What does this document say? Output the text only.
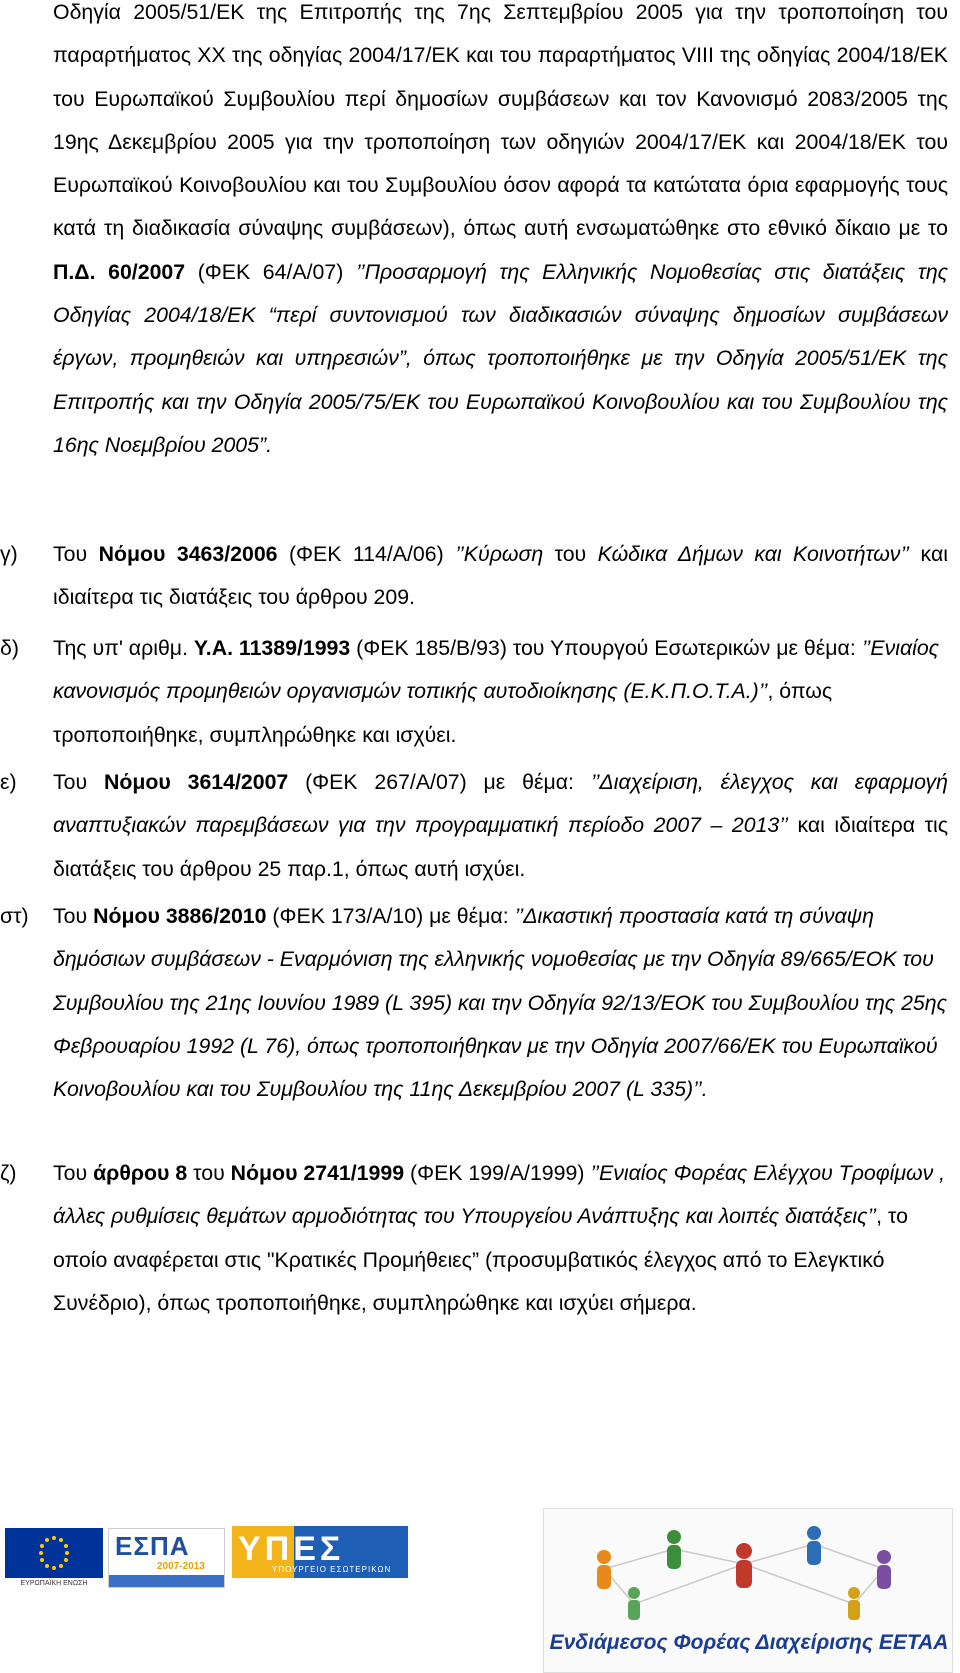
Οδηγία 2005/51/ΕΚ της Επιτροπής της 7ης Σεπτεμβρίου 2005 για την τροποποίηση του παραρτήματος ΧΧ της οδηγίας 2004/17/ΕΚ και του παραρτήματος VIII της οδηγίας 2004/18/ΕΚ του Ευρωπαϊκού Συμβουλίου περί δημοσίων συμβάσεων και τον Κανονισμό 2083/2005 της 19ης Δεκεμβρίου 2005 για την τροποποίηση των οδηγιών 2004/17/ΕΚ και 2004/18/ΕΚ του Ευρωπαϊκού Κοινοβουλίου και του Συμβουλίου όσον αφορά τα κατώτατα όρια εφαρμογής τους κατά τη διαδικασία σύναψης συμβάσεων), όπως αυτή ενσωματώθηκε στο εθνικό δίκαιο με το Π.Δ. 60/2007 (ΦΕΚ 64/Α/07) ’’Προσαρμογή της Ελληνικής Νομοθεσίας στις διατάξεις της Οδηγίας 2004/18/ΕΚ “περί συντονισμού των διαδικασιών σύναψης δημοσίων συμβάσεων έργων, προμηθειών και υπηρεσιών”, όπως τροποποιήθηκε με την Οδηγία 2005/51/ΕΚ της Επιτροπής και την Οδηγία 2005/75/ΕΚ του Ευρωπαϊκού Κοινοβουλίου και του Συμβουλίου της 16ης Νοεμβρίου 2005”.

γ)	Του Νόμου 3463/2006 (ΦΕΚ 114/Α/06) ’’Κύρωση του Κώδικα Δήμων και Κοινοτήτων’’ και ιδιαίτερα τις διατάξεις του άρθρου 209.

δ)	Της υπ' αριθμ. Υ.Α. 11389/1993 (ΦΕΚ 185/Β/93) του Υπουργού Εσωτερικών με θέμα: ’’Ενιαίος κανονισμός προμηθειών οργανισμών τοπικής αυτοδιοίκησης (Ε.Κ.Π.Ο.Τ.Α.)’’, όπως τροποποιήθηκε, συμπληρώθηκε και ισχύει.

ε)	Του Νόμου 3614/2007 (ΦΕΚ 267/Α/07) με θέμα: ’’Διαχείριση, έλεγχος και εφαρμογή αναπτυξιακών παρεμβάσεων για την προγραμματική περίοδο 2007 – 2013’’ και ιδιαίτερα τις διατάξεις του άρθρου 25 παρ.1, όπως αυτή ισχύει.

στ)	Του Νόμου 3886/2010 (ΦΕΚ 173/Α/10) με θέμα: ’’Δικαστική προστασία κατά τη σύναψη δημόσιων συμβάσεων - Εναρμόνιση της ελληνικής νομοθεσίας με την Οδηγία 89/665/ΕΟΚ του Συμβουλίου της 21ης Ιουνίου 1989 (L 395) και την Οδηγία 92/13/ΕΟΚ του Συμβουλίου της 25ης Φεβρουαρίου 1992 (L 76), όπως τροποποιήθηκαν με την Οδηγία 2007/66/ΕΚ του Ευρωπαϊκού Κοινοβουλίου και του Συμβουλίου της 11ης Δεκεμβρίου 2007 (L 335)’’.

ζ)	Του άρθρου 8 του Νόμου 2741/1999 (ΦΕΚ 199/Α/1999) ’’Ενιαίος Φορέας Ελέγχου Τροφίμων , άλλες ρυθμίσεις θεμάτων αρμοδιότητας του Υπουργείου Ανάπτυξης και λοιπές διατάξεις’’, το οποίο αναφέρεται στις "Κρατικές Προμήθειες” (προσυμβατικός έλεγχος από το Ελεγκτικό Συνέδριο), όπως τροποποιήθηκε, συμπληρώθηκε και ισχύει σήμερα.

ΕΥΡΩΠΑΪΚΗ ΕΝΩΣΗ
ΕΣΠΑ
2007-2013 ΥΠΕΣ
ΥΠΟΥΡΓΕΙΟ ΕΣΩΤΕΡΙΚΩΝ
Ενδιάμεσος Φορέας Διαχείρισης ΕΕΤΑΑ
